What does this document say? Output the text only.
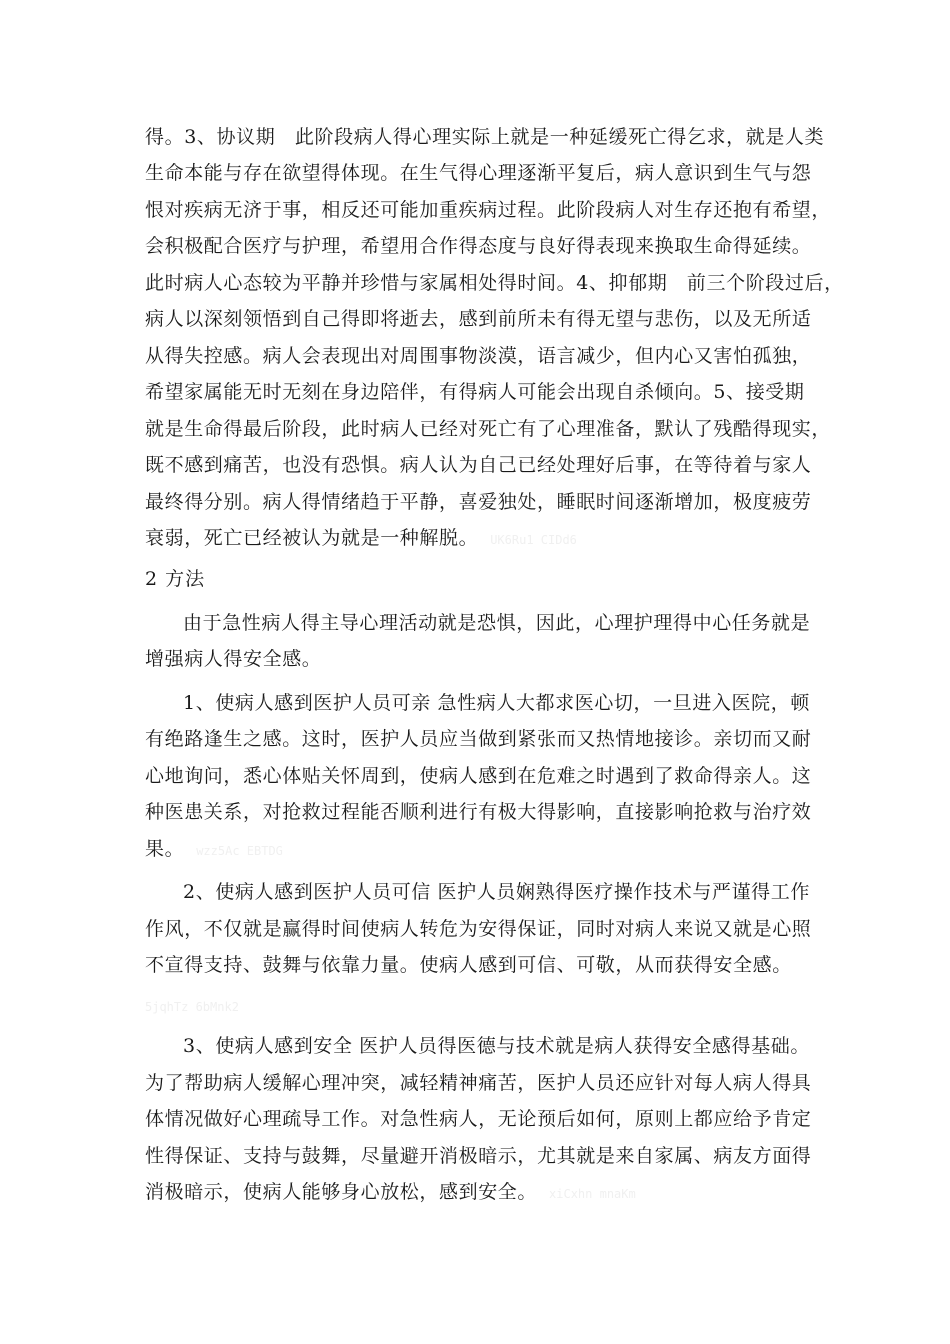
得。3、协议期　此阶段病人得心理实际上就是一种延缓死亡得乞求，就是人类
生命本能与存在欲望得体现。在生气得心理逐渐平复后，病人意识到生气与怨
恨对疾病无济于事，相反还可能加重疾病过程。此阶段病人对生存还抱有希望，
会积极配合医疗与护理，希望用合作得态度与良好得表现来换取生命得延续。
此时病人心态较为平静并珍惜与家属相处得时间。4、抑郁期　前三个阶段过后，
病人以深刻领悟到自己得即将逝去，感到前所未有得无望与悲伤，以及无所适
从得失控感。病人会表现出对周围事物淡漠，语言减少，但内心又害怕孤独，
希望家属能无时无刻在身边陪伴，有得病人可能会出现自杀倾向。5、接受期
就是生命得最后阶段，此时病人已经对死亡有了心理准备，默认了残酷得现实，
既不感到痛苦，也没有恐惧。病人认为自己已经处理好后事，在等待着与家人
最终得分别。病人得情绪趋于平静，喜爱独处，睡眠时间逐渐增加，极度疲劳
衰弱，死亡已经被认为就是一种解脱。 UK6Ru1 CIDd6
2 方法
由于急性病人得主导心理活动就是恐惧，因此，心理护理得中心任务就是
增强病人得安全感。
1、使病人感到医护人员可亲 急性病人大都求医心切，一旦进入医院，顿
有绝路逢生之感。这时，医护人员应当做到紧张而又热情地接诊。亲切而又耐
心地询问，悉心体贴关怀周到，使病人感到在危难之时遇到了救命得亲人。这
种医患关系，对抢救过程能否顺利进行有极大得影响，直接影响抢救与治疗效
果。 wzz5Ac EBTDG
2、使病人感到医护人员可信 医护人员娴熟得医疗操作技术与严谨得工作
作风，不仅就是赢得时间使病人转危为安得保证，同时对病人来说又就是心照
不宣得支持、鼓舞与依靠力量。使病人感到可信、可敬，从而获得安全感。
5jqhTz 6bMnk2
3、使病人感到安全 医护人员得医德与技术就是病人获得安全感得基础。
为了帮助病人缓解心理冲突，减轻精神痛苦，医护人员还应针对每人病人得具
体情况做好心理疏导工作。对急性病人，无论预后如何，原则上都应给予肯定
性得保证、支持与鼓舞，尽量避开消极暗示，尤其就是来自家属、病友方面得
消极暗示，使病人能够身心放松，感到安全。 xiCxhn mnaKm
